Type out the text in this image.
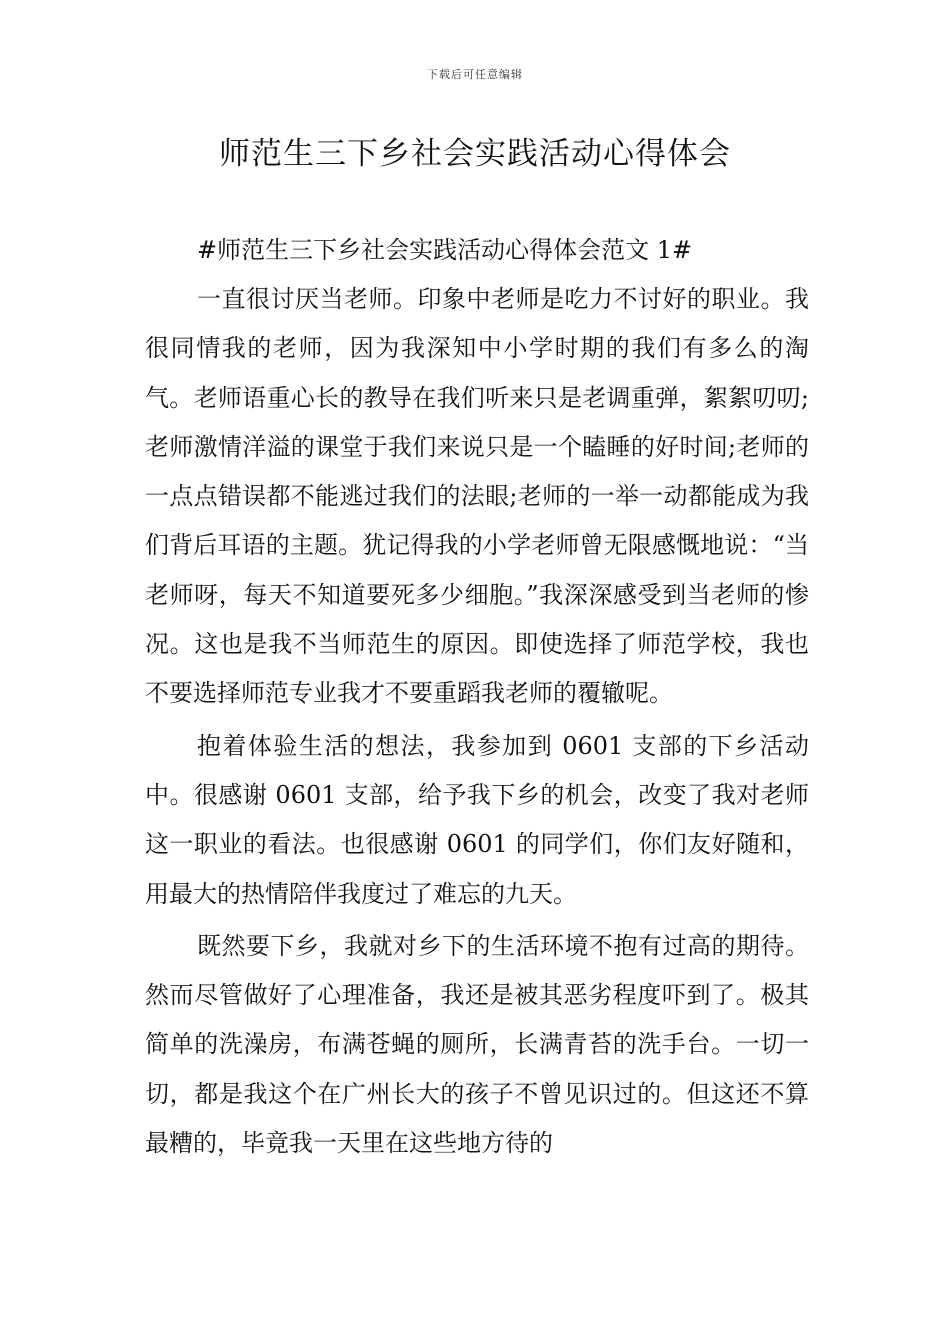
下载后可任意编辑
师范生三下乡社会实践活动心得体会

#师范生三下乡社会实践活动心得体会范文 1#

一直很讨厌当老师。印象中老师是吃力不讨好的职业。我很同情我的老师，因为我深知中小学时期的我们有多么的淘气。老师语重心长的教导在我们听来只是老调重弹，絮絮叨叨;老师激情洋溢的课堂于我们来说只是一个瞌睡的好时间;老师的一点点错误都不能逃过我们的法眼;老师的一举一动都能成为我们背后耳语的主题。犹记得我的小学老师曾无限感慨地说：“当老师呀，每天不知道要死多少细胞。”我深深感受到当老师的惨况。这也是我不当师范生的原因。即使选择了师范学校，我也不要选择师范专业我才不要重蹈我老师的覆辙呢。

抱着体验生活的想法，我参加到 0601 支部的下乡活动中。很感谢 0601 支部，给予我下乡的机会，改变了我对老师这一职业的看法。也很感谢 0601 的同学们，你们友好随和，用最大的热情陪伴我度过了难忘的九天。

既然要下乡，我就对乡下的生活环境不抱有过高的期待。然而尽管做好了心理准备，我还是被其恶劣程度吓到了。极其简单的洗澡房，布满苍蝇的厕所，长满青苔的洗手台。一切一切，都是我这个在广州长大的孩子不曾见识过的。但这还不算最糟的，毕竟我一天里在这些地方待的
